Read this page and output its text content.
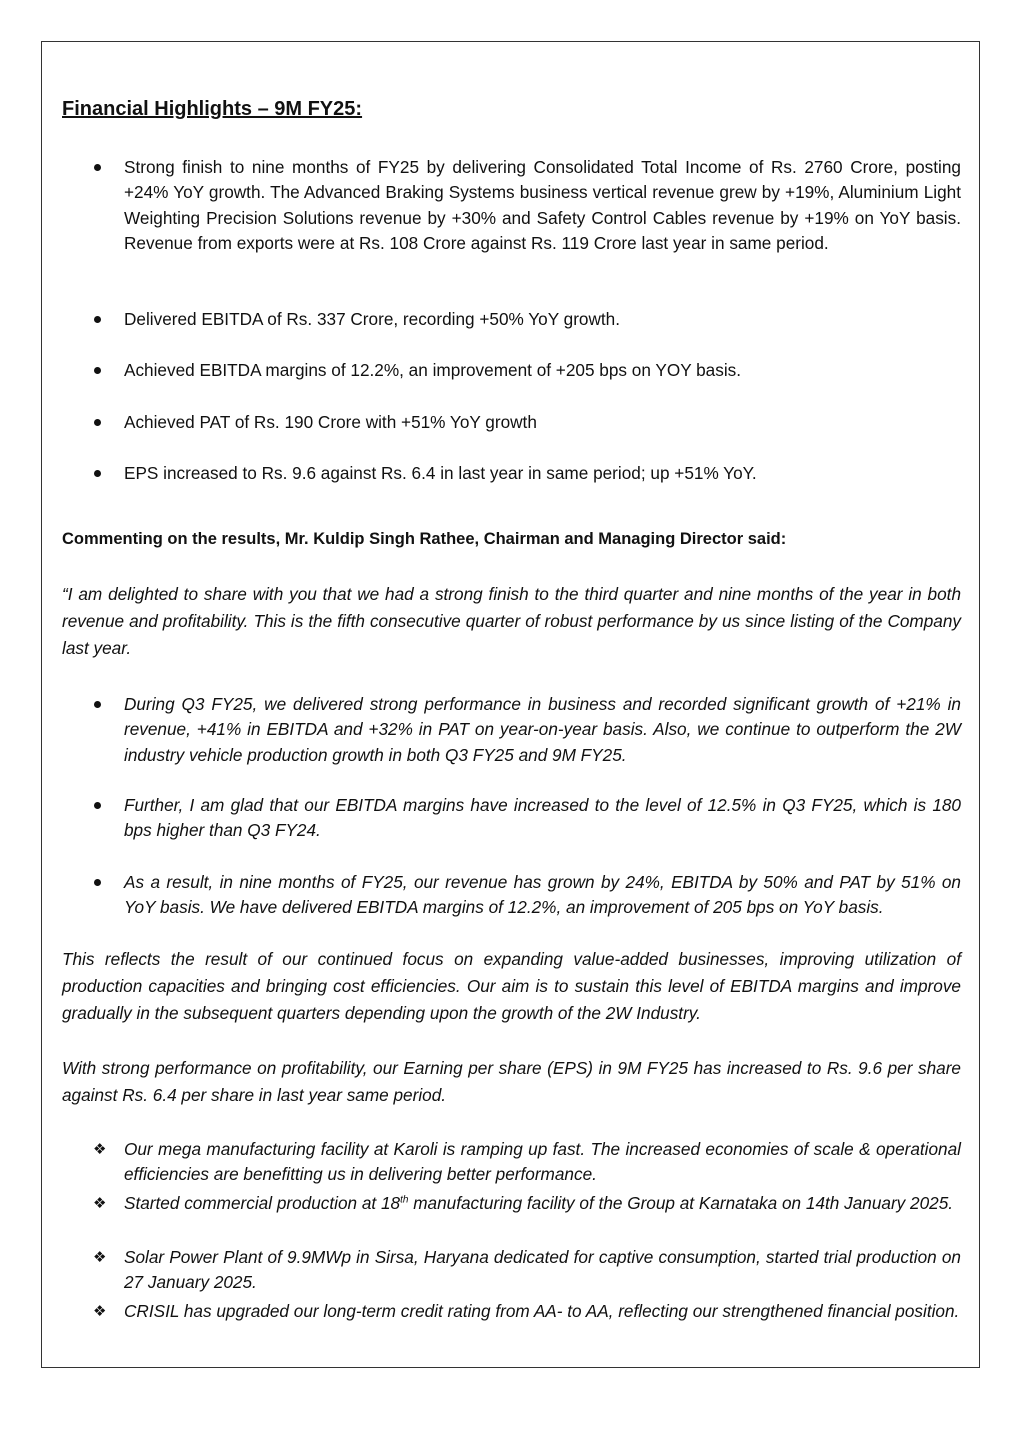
Financial Highlights – 9M FY25:
Strong finish to nine months of FY25 by delivering Consolidated Total Income of Rs. 2760 Crore, posting +24% YoY growth. The Advanced Braking Systems business vertical revenue grew by +19%, Aluminium Light Weighting Precision Solutions revenue by +30% and Safety Control Cables revenue by +19% on YoY basis. Revenue from exports were at Rs. 108 Crore against Rs. 119 Crore last year in same period.
Delivered EBITDA of Rs. 337 Crore, recording +50% YoY growth.
Achieved EBITDA margins of 12.2%, an improvement of +205 bps on YOY basis.
Achieved PAT of Rs. 190 Crore with +51% YoY growth
EPS increased to Rs. 9.6 against Rs. 6.4 in last year in same period; up +51% YoY.
Commenting on the results, Mr. Kuldip Singh Rathee, Chairman and Managing Director said:
“I am delighted to share with you that we had a strong finish to the third quarter and nine months of the year in both revenue and profitability. This is the fifth consecutive quarter of robust performance by us since listing of the Company last year.
During Q3 FY25, we delivered strong performance in business and recorded significant growth of +21% in revenue, +41% in EBITDA and +32% in PAT on year-on-year basis. Also, we continue to outperform the 2W industry vehicle production growth in both Q3 FY25 and 9M FY25.
Further, I am glad that our EBITDA margins have increased to the level of 12.5% in Q3 FY25, which is 180 bps higher than Q3 FY24.
As a result, in nine months of FY25, our revenue has grown by 24%, EBITDA by 50% and PAT by 51% on YoY basis. We have delivered EBITDA margins of 12.2%, an improvement of 205 bps on YoY basis.
This reflects the result of our continued focus on expanding value-added businesses, improving utilization of production capacities and bringing cost efficiencies. Our aim is to sustain this level of EBITDA margins and improve gradually in the subsequent quarters depending upon the growth of the 2W Industry.
With strong performance on profitability, our Earning per share (EPS) in 9M FY25 has increased to Rs. 9.6 per share against Rs. 6.4 per share in last year same period.
❖ Our mega manufacturing facility at Karoli is ramping up fast. The increased economies of scale & operational efficiencies are benefitting us in delivering better performance.
❖ Started commercial production at 18th manufacturing facility of the Group at Karnataka on 14th January 2025.
❖ Solar Power Plant of 9.9MWp in Sirsa, Haryana dedicated for captive consumption, started trial production on 27 January 2025.
❖ CRISIL has upgraded our long-term credit rating from AA- to AA, reflecting our strengthened financial position.
